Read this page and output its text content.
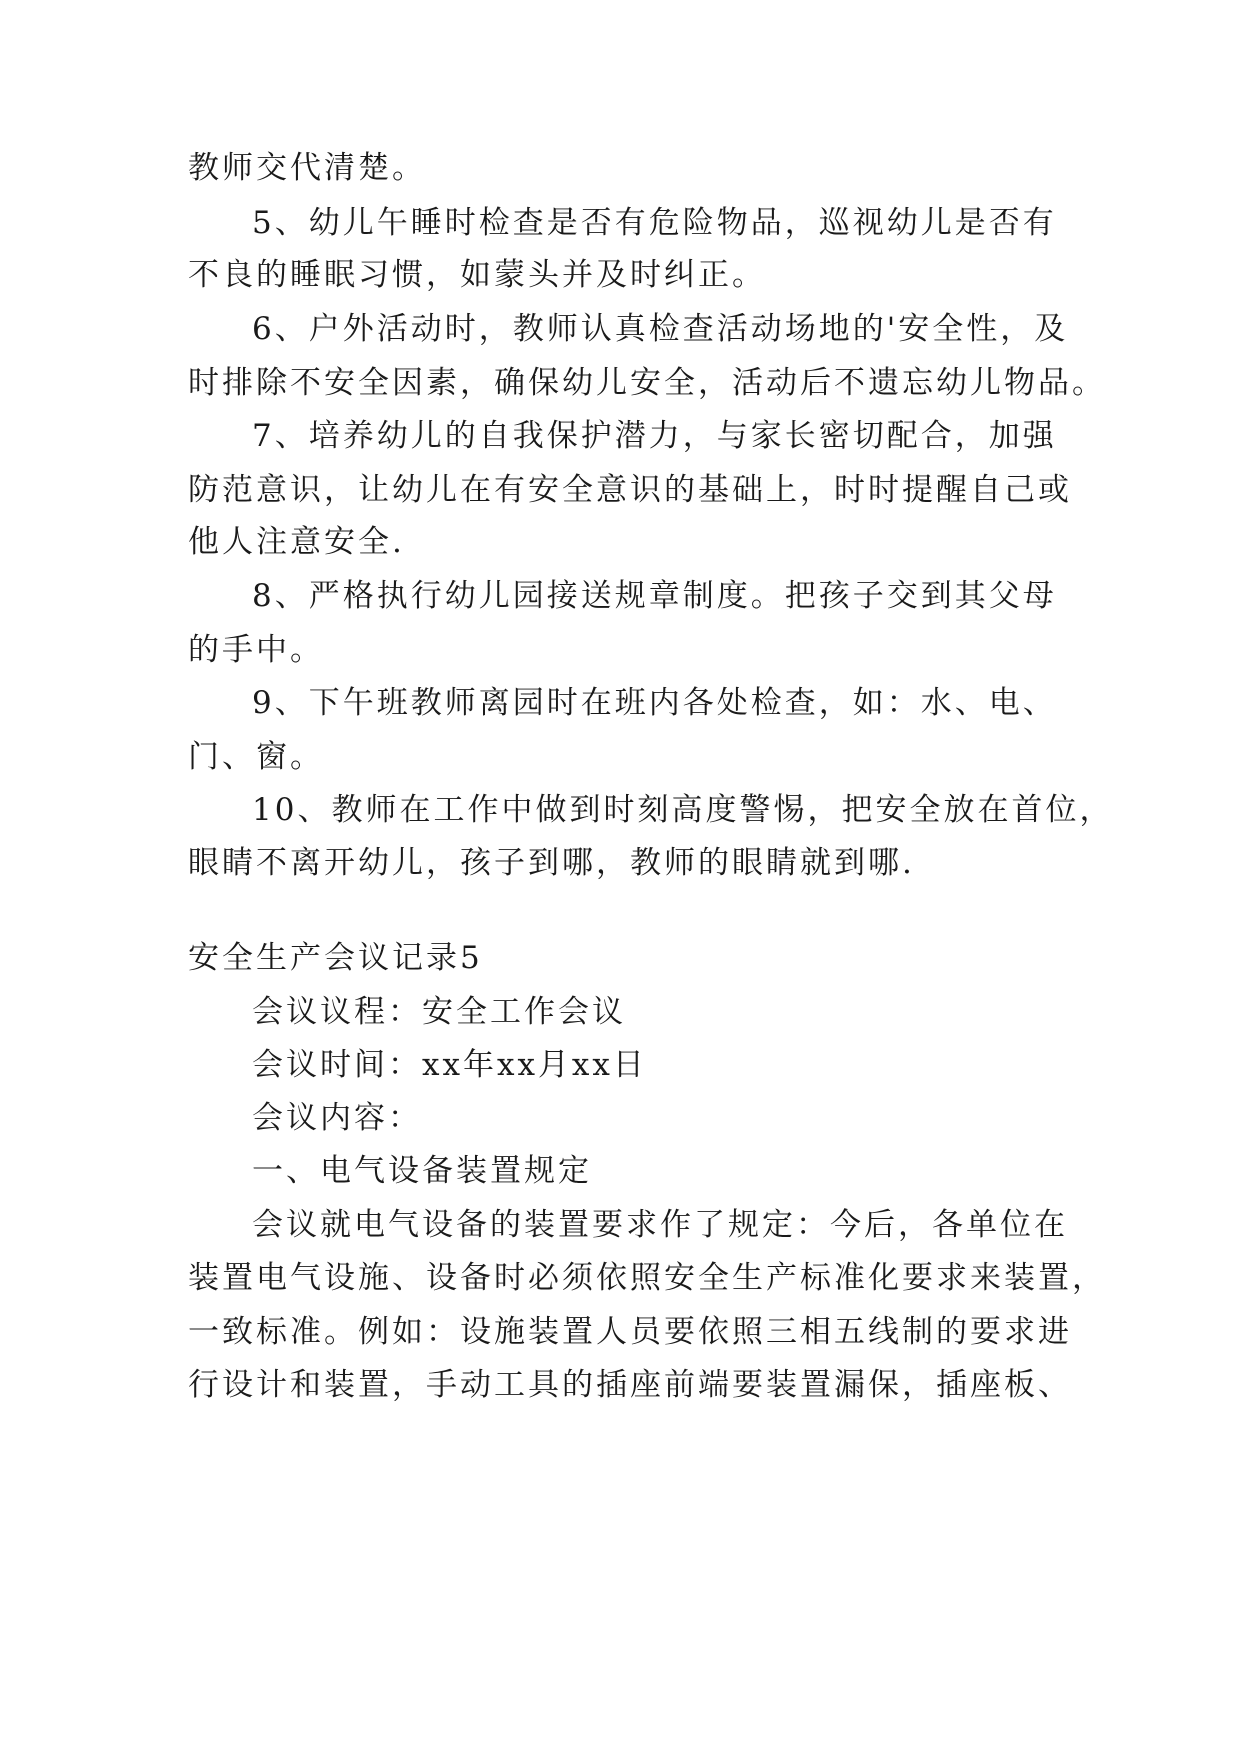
教师交代清楚。
5、幼儿午睡时检查是否有危险物品，巡视幼儿是否有
不良的睡眠习惯，如蒙头并及时纠正。
6、户外活动时，教师认真检查活动场地的'安全性，及
时排除不安全因素，确保幼儿安全，活动后不遗忘幼儿物品。
7、培养幼儿的自我保护潜力，与家长密切配合，加强
防范意识，让幼儿在有安全意识的基础上，时时提醒自己或
他人注意安全.
8、严格执行幼儿园接送规章制度。把孩子交到其父母
的手中。
9、下午班教师离园时在班内各处检查，如：水、电、
门、窗。
10、教师在工作中做到时刻高度警惕，把安全放在首位，
眼睛不离开幼儿，孩子到哪，教师的眼睛就到哪.
安全生产会议记录5
会议议程：安全工作会议
会议时间：xx年xx月xx日
会议内容：
一、电气设备装置规定
会议就电气设备的装置要求作了规定：今后，各单位在
装置电气设施、设备时必须依照安全生产标准化要求来装置，
一致标准。例如：设施装置人员要依照三相五线制的要求进
行设计和装置，手动工具的插座前端要装置漏保，插座板、
